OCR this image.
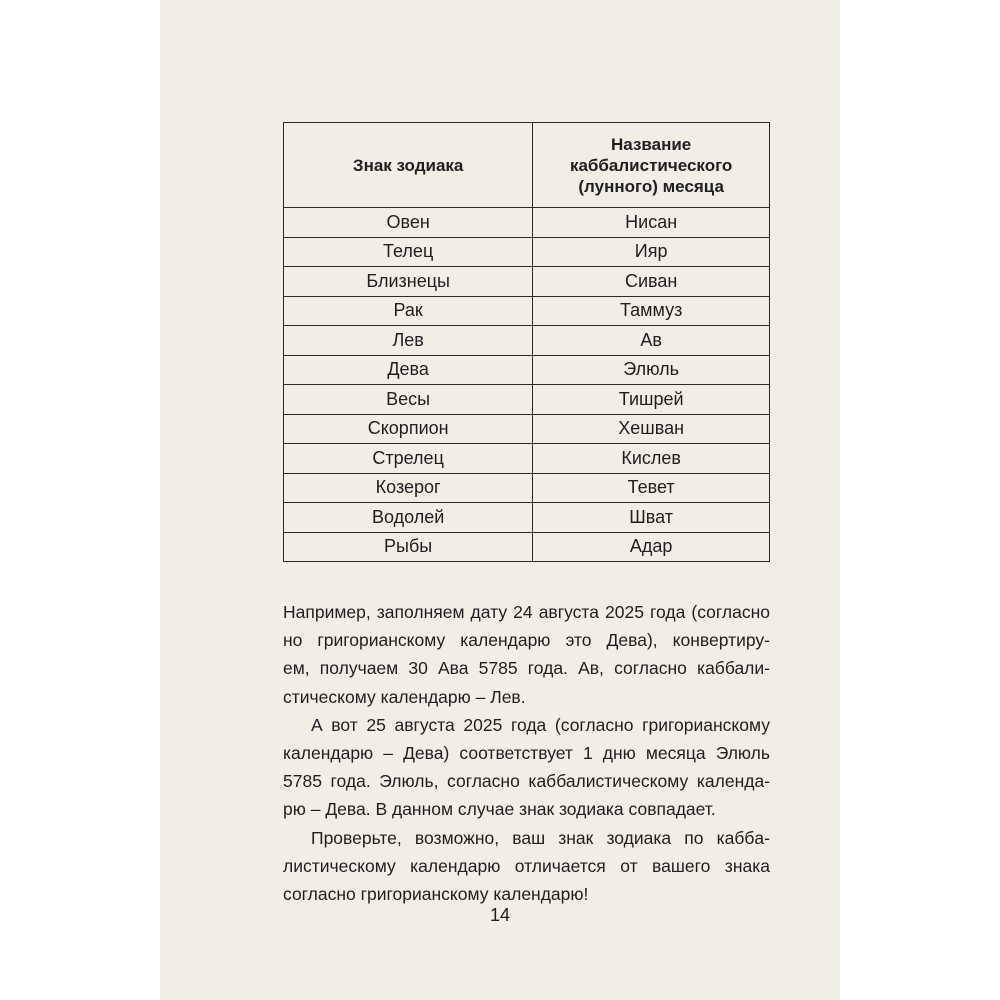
Знак зодиака	Название
каббалистического
(лунного) месяца
Овен	Нисан
Телец	Ияр
Близнецы	Сиван
Рак	Таммуз
Лев	Ав
Дева	Элюль
Весы	Тишрей
Скорпион	Хешван
Стрелец	Кислев
Козерог	Тевет
Водолей	Шват
Рыбы	Адар

Например, заполняем дату 24 августа 2025 года (согласно
но григорианскому календарю это Дева), конвертиру-
ем, получаем 30 Ава 5785 года. Ав, согласно каббали-
стическому календарю – Лев.

А вот 25 августа 2025 года (согласно григорианскому
календарю – Дева) соответствует 1 дню месяца Элюль
5785 года. Элюль, согласно каббалистическому календа-
рю – Дева. В данном случае знак зодиака совпадает.

Проверьте, возможно, ваш знак зодиака по каббa-
листическому календарю отличается от вашего знака
согласно григорианскому календарю!

14
